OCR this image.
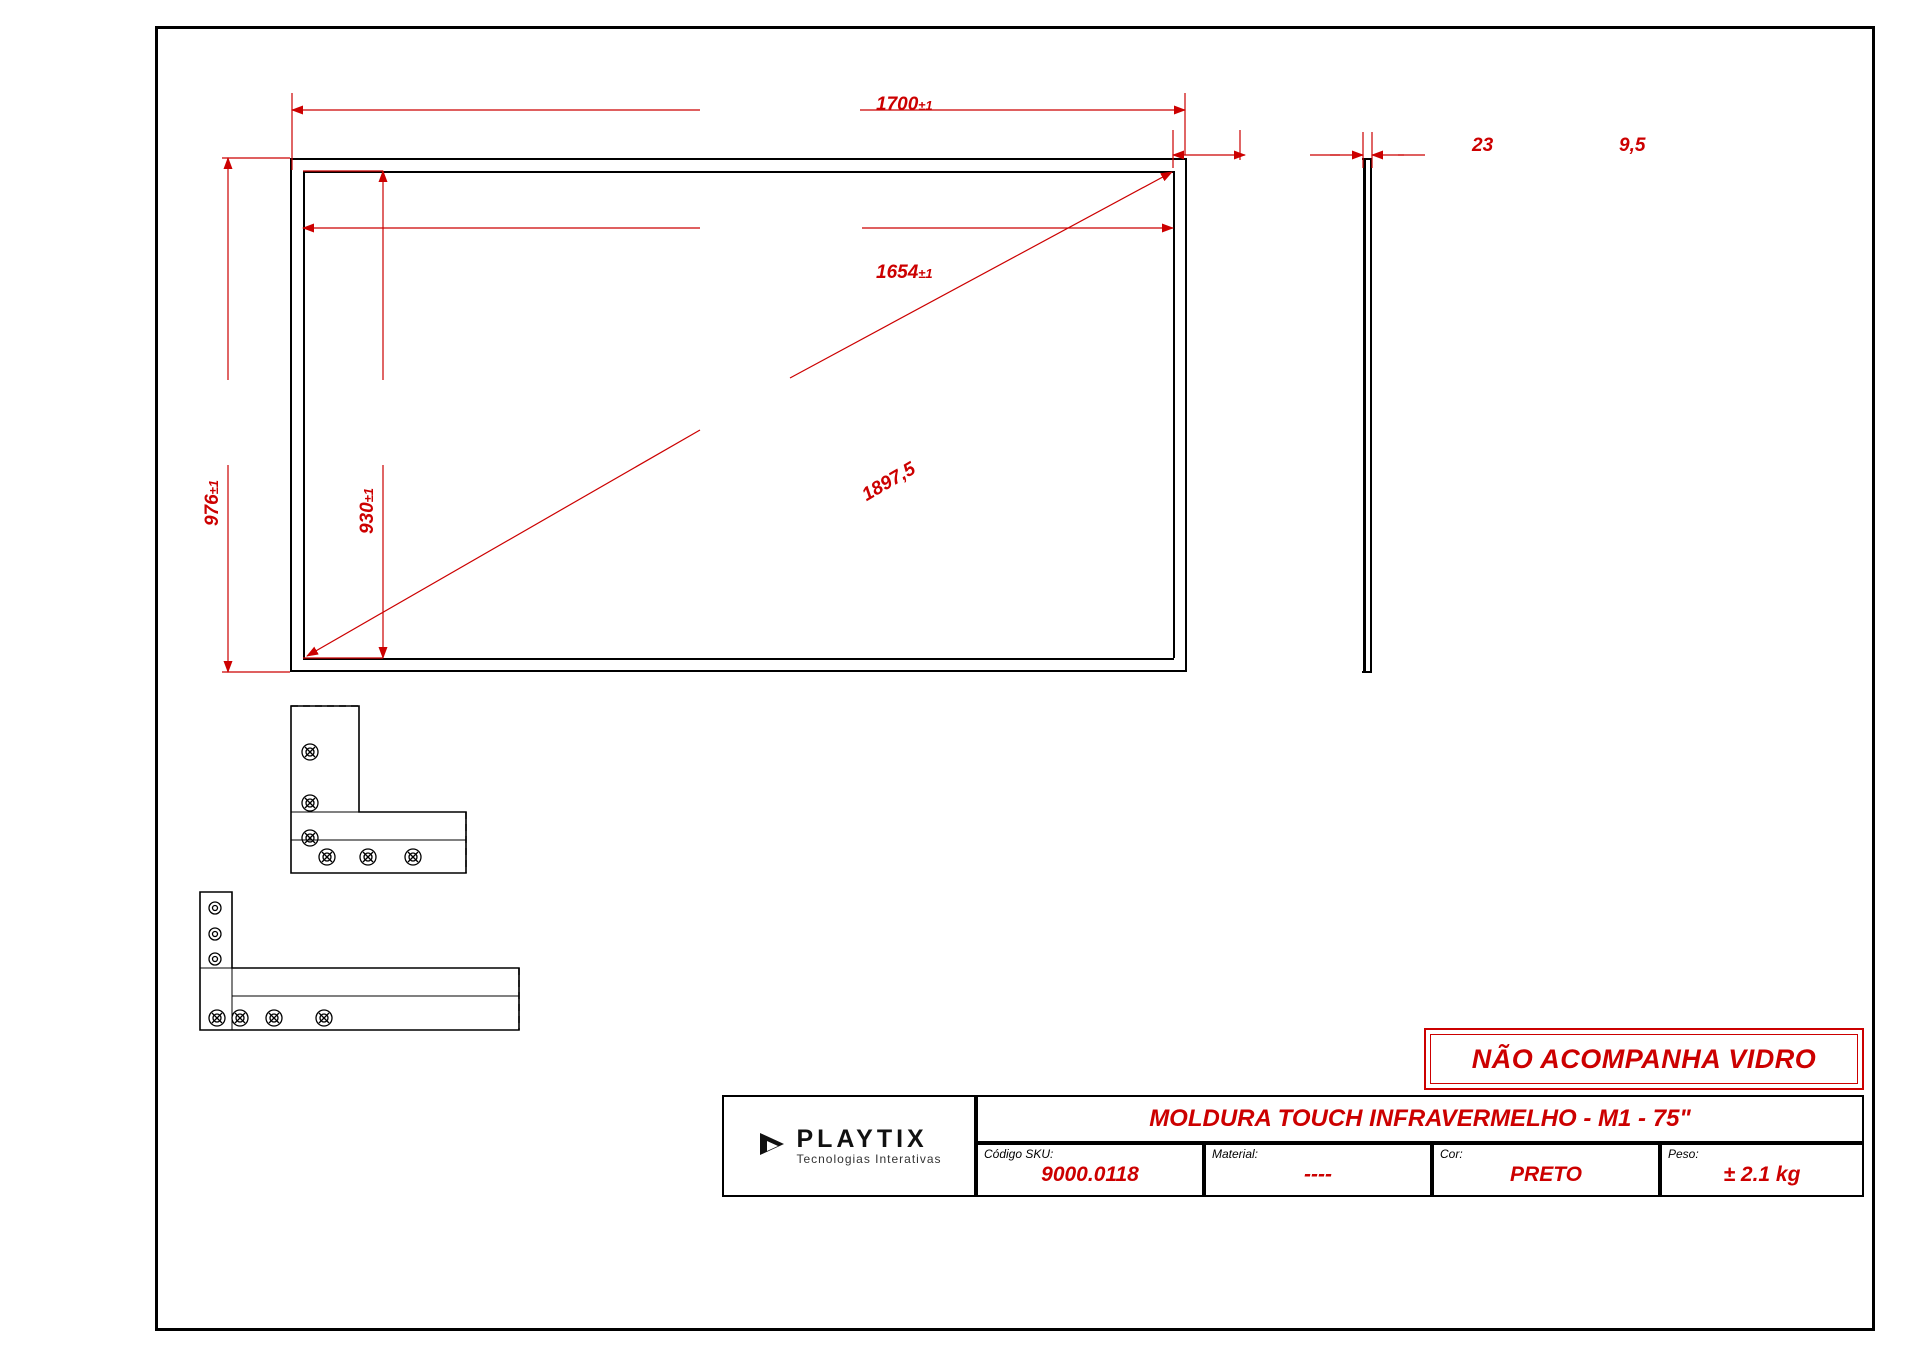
1700±1
23	9,5
1654±1
976±1
930±1	1897,5
NÃO ACOMPANHA VIDRO
PLAYTIX
Tecnologias Interativas
MOLDURA TOUCH INFRAVERMELHO - M1 - 75"
Código SKU:
9000.0118
Material:
----
Cor:
PRETO
Peso:
± 2.1 kg
